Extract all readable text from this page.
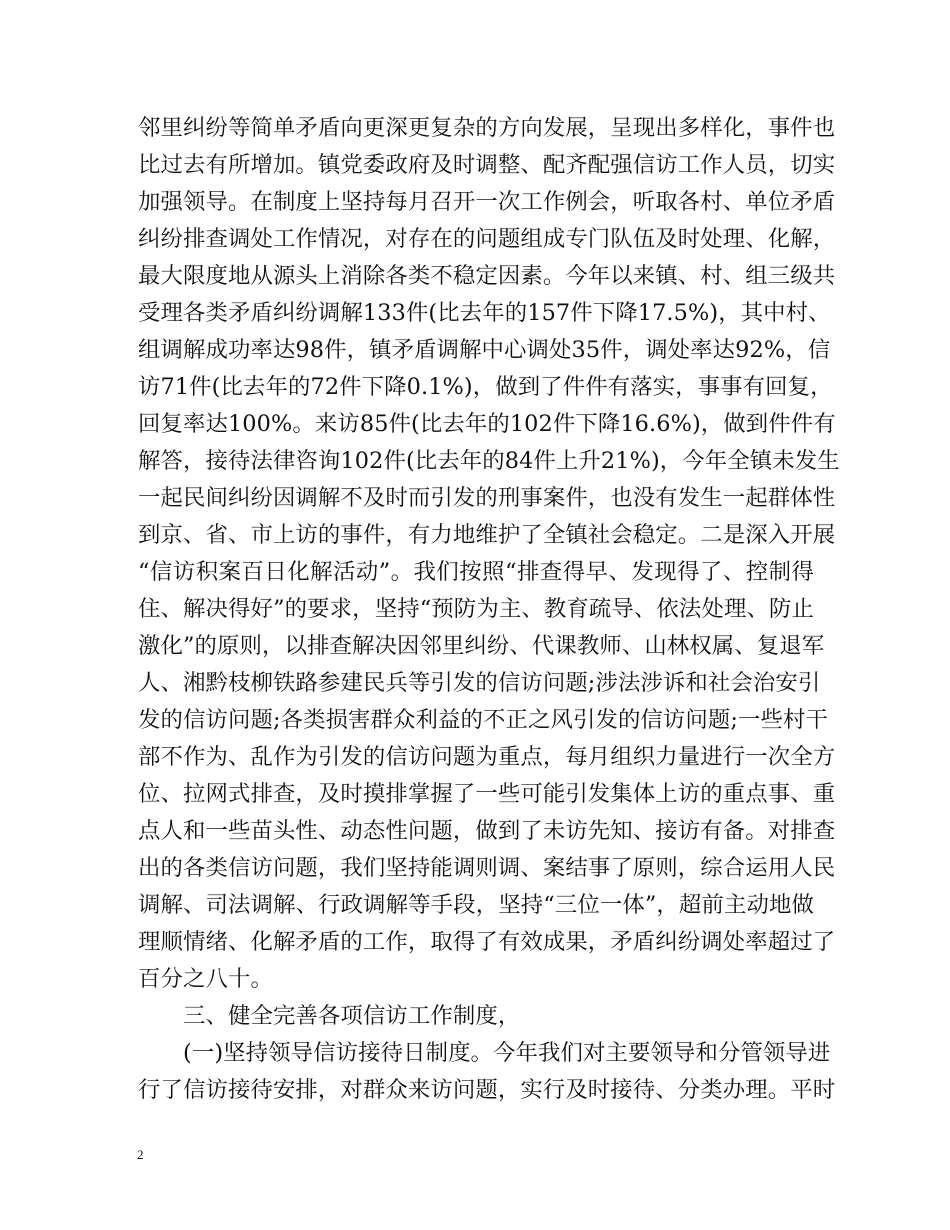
邻里纠纷等简单矛盾向更深更复杂的方向发展，呈现出多样化，事件也
比过去有所增加。镇党委政府及时调整、配齐配强信访工作人员，切实
加强领导。在制度上坚持每月召开一次工作例会，听取各村、单位矛盾
纠纷排查调处工作情况，对存在的问题组成专门队伍及时处理、化解，
最大限度地从源头上消除各类不稳定因素。今年以来镇、村、组三级共
受理各类矛盾纠纷调解133件(比去年的157件下降17.5%)，其中村、
组调解成功率达98件，镇矛盾调解中心调处35件，调处率达92%，信
访71件(比去年的72件下降0.1%)，做到了件件有落实，事事有回复，
回复率达100%。来访85件(比去年的102件下降16.6%)，做到件件有
解答，接待法律咨询102件(比去年的84件上升21%)，今年全镇未发生
一起民间纠纷因调解不及时而引发的刑事案件，也没有发生一起群体性
到京、省、市上访的事件，有力地维护了全镇社会稳定。二是深入开展
“信访积案百日化解活动”。我们按照“排查得早、发现得了、控制得
住、解决得好”的要求，坚持“预防为主、教育疏导、依法处理、防止
激化”的原则，以排查解决因邻里纠纷、代课教师、山林权属、复退军
人、湘黔枝柳铁路参建民兵等引发的信访问题;涉法涉诉和社会治安引
发的信访问题;各类损害群众利益的不正之风引发的信访问题;一些村干
部不作为、乱作为引发的信访问题为重点，每月组织力量进行一次全方
位、拉网式排查，及时摸排掌握了一些可能引发集体上访的重点事、重
点人和一些苗头性、动态性问题，做到了未访先知、接访有备。对排查
出的各类信访问题，我们坚持能调则调、案结事了原则，综合运用人民
调解、司法调解、行政调解等手段，坚持“三位一体”，超前主动地做
理顺情绪、化解矛盾的工作，取得了有效成果，矛盾纠纷调处率超过了
百分之八十。
三、健全完善各项信访工作制度，
(一)坚持领导信访接待日制度。今年我们对主要领导和分管领导进
行了信访接待安排，对群众来访问题，实行及时接待、分类办理。平时
2
